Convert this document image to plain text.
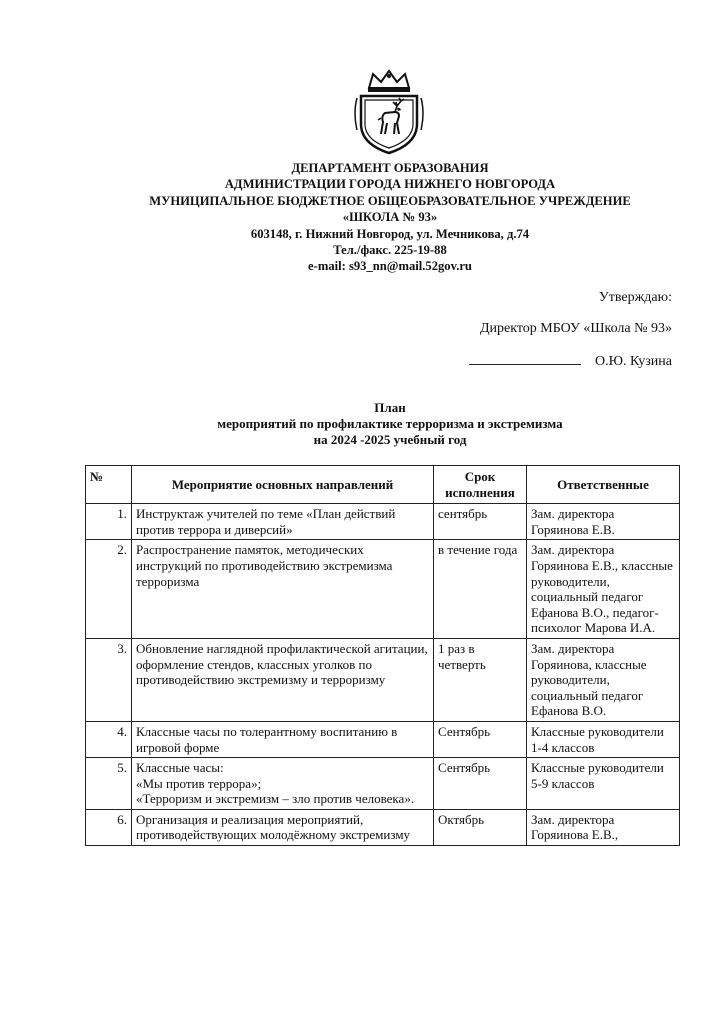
ДЕПАРТАМЕНТ ОБРАЗОВАНИЯ
АДМИНИСТРАЦИИ ГОРОДА НИЖНЕГО НОВГОРОДА
МУНИЦИПАЛЬНОЕ БЮДЖЕТНОЕ ОБЩЕОБРАЗОВАТЕЛЬНОЕ УЧРЕЖДЕНИЕ
«ШКОЛА № 93»
603148, г. Нижний Новгород, ул. Мечникова, д.74
Тел./факс. 225-19-88
e-mail: s93_nn@mail.52gov.ru
Утверждаю:
Директор МБОУ «Школа № 93»
О.Ю. Кузина
План
мероприятий по профилактике терроризма и экстремизма
на 2024 -2025 учебный год
№	Мероприятие основных направлений	Срок исполнения	Ответственные
1.	Инструктаж учителей по теме «План действий против террора и диверсий»	сентябрь	Зам. директора Горяинова Е.В.

2.	Распространение памяток, методических инструкций по противодействию экстремизма терроризма	в течение года	Зам. директора Горяинова Е.В., классные руководители, социальный педагог Ефанова В.О., педагог-психолог Марова И.А.

3.	Обновление наглядной профилактической агитации, оформление стендов, классных уголков по противодействию экстремизму и терроризму	1 раз в четверть	Зам. директора Горяинова, классные руководители, социальный педагог Ефанова В.О.

4.	Классные часы по толерантному воспитанию в игровой форме	Сентябрь	Классные руководители
1-4 классов

5.	Классные часы:
«Мы против террора»;
«Терроризм и экстремизм – зло против человека».	Сентябрь	Классные руководители
5-9 классов

6.	Организация и реализация мероприятий, противодействующих молодёжному экстремизму	Октябрь	Зам. директора Горяинова Е.В.,
